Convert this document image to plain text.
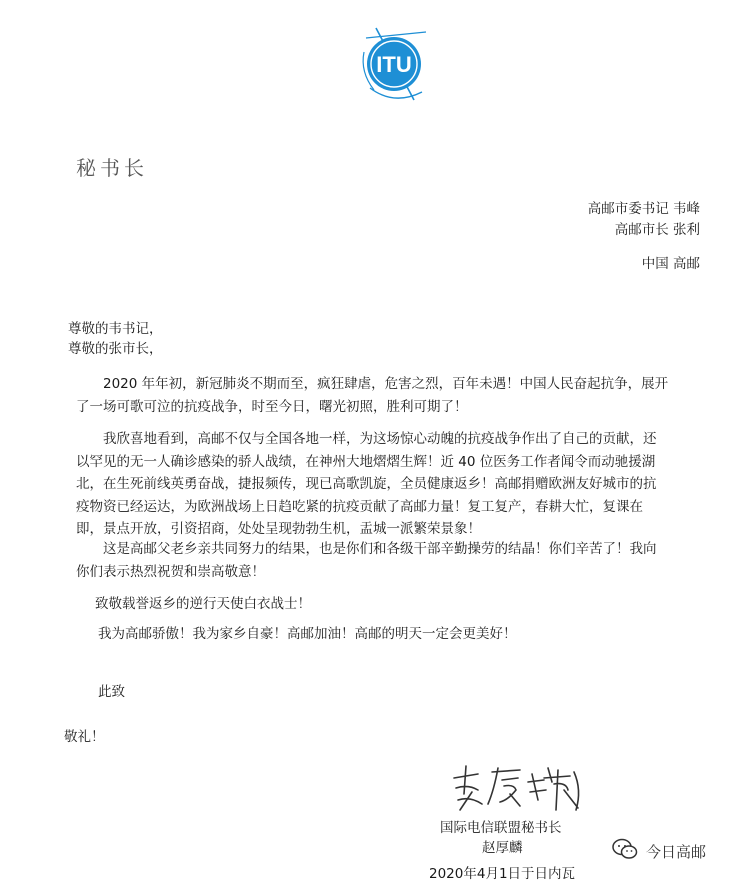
ITU
秘书长
高邮市委书记 韦峰
高邮市长 张利
中国 高邮
尊敬的韦书记，
尊敬的张市长，
2020 年年初，新冠肺炎不期而至，疯狂肆虐，危害之烈，百年未遇！中国人民奋起抗争，展开
了一场可歌可泣的抗疫战争，时至今日，曙光初照，胜利可期了！
我欣喜地看到，高邮不仅与全国各地一样，为这场惊心动魄的抗疫战争作出了自己的贡献，还
以罕见的无一人确诊感染的骄人战绩，在神州大地熠熠生辉！近 40 位医务工作者闻令而动驰援湖
北，在生死前线英勇奋战，捷报频传，现已高歌凯旋，全员健康返乡！高邮捐赠欧洲友好城市的抗
疫物资已经运达，为欧洲战场上日趋吃紧的抗疫贡献了高邮力量！复工复产，春耕大忙，复课在
即，景点开放，引资招商，处处呈现勃勃生机，盂城一派繁荣景象！
这是高邮父老乡亲共同努力的结果，也是你们和各级干部辛勤操劳的结晶！你们辛苦了！我向
你们表示热烈祝贺和崇高敬意！
致敬载誉返乡的逆行天使白衣战士！
我为高邮骄傲！我为家乡自豪！高邮加油！高邮的明天一定会更美好！
此致
敬礼！
国际电信联盟秘书长
赵厚麟
2020年4月1日于日内瓦
今日高邮
